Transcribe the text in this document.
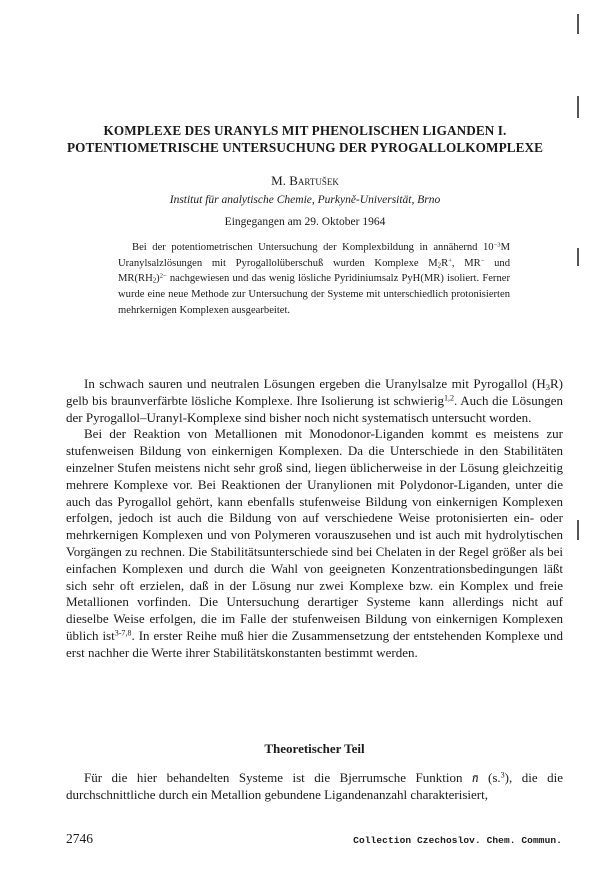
KOMPLEXE DES URANYLS MIT PHENOLISCHEN LIGANDEN I.
POTENTIOMETRISCHE UNTERSUCHUNG DER PYROGALLOLKOMPLEXE
M. Bartušek
Institut für analytische Chemie, Purkyně-Universität, Brno
Eingegangen am 29. Oktober 1964

Bei der potentiometrischen Untersuchung der Komplexbildung in annähernd $10^{-3}M$ Uranylsalzlösungen mit Pyrogallolüberschuß wurden Komplexe $M_2R^+$, MR− und $MR(RH_2)^{2-}$ nachgewiesen und das wenig lösliche Pyridiniumsalz PyH(MR) isoliert. Ferner wurde eine neue Methode zur Untersuchung der Systeme mit unterschiedlich protonisierten mehrkernigen Komplexen ausgearbeitet.

In schwach sauren und neutralen Lösungen ergeben die Uranylsalze mit Pyrogallol $(H_3R)$ gelb bis braunverfärbte lösliche Komplexe. Ihre Isolierung ist schwierig$^{1,2}$. Auch die Lösungen der Pyrogallol–Uranyl-Komplexe sind bisher noch nicht systematisch untersucht worden.

Bei der Reaktion von Metallionen mit Monodonor-Liganden kommt es meistens zur stufenweisen Bildung von einkernigen Komplexen. Da die Unterschiede in den Stabilitäten einzelner Stufen meistens nicht sehr groß sind, liegen üblicherweise in der Lösung gleichzeitig mehrere Komplexe vor. Bei Reaktionen der Uranylionen mit Polydonor-Liganden, unter die auch das Pyrogallol gehört, kann ebenfalls stufenweise Bildung von einkernigen Komplexen erfolgen, jedoch ist auch die Bildung von auf verschiedene Weise protonisierten ein- oder mehrkernigen Komplexen und von Polymeren vorauszusehen und ist auch mit hydrolytischen Vorgängen zu rechnen. Die Stabilitätsunterschiede sind bei Chelaten in der Regel größer als bei einfachen Komplexen und durch die Wahl von geeigneten Konzentrationsbedingungen läßt sich sehr oft erzielen, daß in der Lösung nur zwei Komplexe bzw. ein Komplex und freie Metallionen vorfinden. Die Untersuchung derartiger Systeme kann allerdings nicht auf dieselbe Weise erfolgen, die im Falle der stufenweisen Bildung von einkernigen Komplexen üblich ist$^{3-7,8}$. In erster Reihe muß hier die Zusammensetzung der entstehenden Komplexe und erst nachher die Werte ihrer Stabilitätskonstanten bestimmt werden.

Theoretischer Teil

Für die hier behandelten Systeme ist die Bjerrumsche Funktion n̄ (s.$^3$), die die durchschnittliche durch ein Metallion gebundene Ligandenanzahl charakterisiert,

2746	Collection Czechoslov. Chem. Commun.
